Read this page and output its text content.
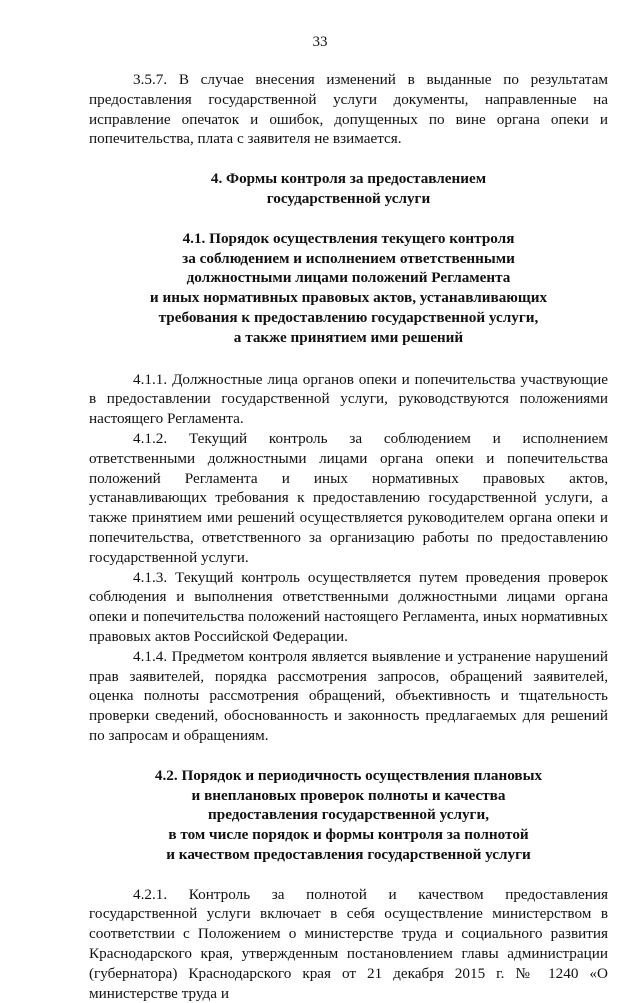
33

3.5.7. В случае внесения изменений в выданные по результатам предоставления государственной услуги документы, направленные на исправление опечаток и ошибок, допущенных по вине органа опеки и попечительства, плата с заявителя не взимается.

4. Формы контроля за предоставлением
государственной услуги
4.1. Порядок осуществления текущего контроля
за соблюдением и исполнением ответственными
должностными лицами положений Регламента
и иных нормативных правовых актов, устанавливающих
требования к предоставлению государственной услуги,
а также принятием ими решений

4.1.1. Должностные лица органов опеки и попечительства участвующие в предоставлении государственной услуги, руководствуются положениями настоящего Регламента.

4.1.2. Текущий контроль за соблюдением и исполнением ответственными должностными лицами органа опеки и попечительства положений Регламента и иных нормативных правовых актов, устанавливающих требования к предоставлению государственной услуги, а также принятием ими решений осуществляется руководителем органа опеки и попечительства, ответственного за организацию работы по предоставлению государственной услуги.

4.1.3. Текущий контроль осуществляется путем проведения проверок соблюдения и выполнения ответственными должностными лицами органа опеки и попечительства положений настоящего Регламента, иных нормативных правовых актов Российской Федерации.

4.1.4. Предметом контроля является выявление и устранение нарушений прав заявителей, порядка рассмотрения запросов, обращений заявителей, оценка полноты рассмотрения обращений, объективность и тщательность проверки сведений, обоснованность и законность предлагаемых для решений по запросам и обращениям.

4.2. Порядок и периодичность осуществления плановых
и внеплановых проверок полноты и качества
предоставления государственной услуги,
в том числе порядок и формы контроля за полнотой
и качеством предоставления государственной услуги

4.2.1. Контроль за полнотой и качеством предоставления государственной услуги включает в себя осуществление министерством в соответствии с Положением о министерстве труда и социального развития Краснодарского края, утвержденным постановлением главы администрации (губернатора) Краснодарского края от 21 декабря 2015 г. № 1240 «О министерстве труда и
